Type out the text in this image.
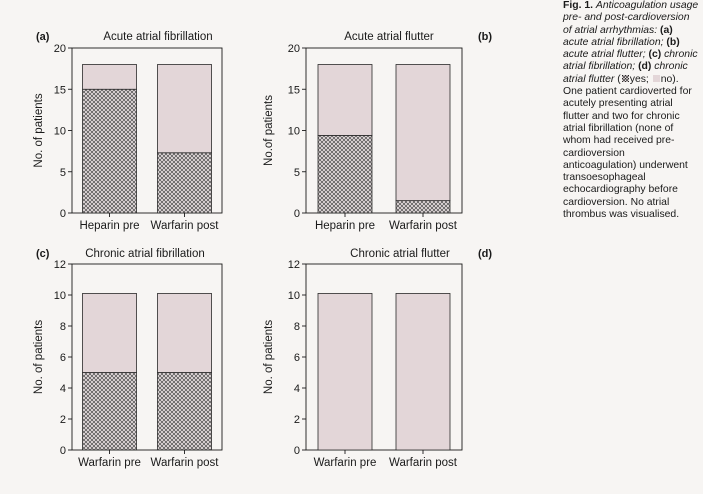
Acute atrial fibrillation
(a)
No. of patients
0
5
10
15
20
Heparin pre Warfarin post
Acute atrial flutter	(b)
No.of patients
0
5
10
15
20
Heparin pre Warfarin post
Chronic atrial fibrillation
(c)
No. of patients
0
2
4
6
8
10
12
Warfarin pre Warfarin post
Chronic atrial flutter	(d)
No. of patients
0
2
4
6
8
10
12
Warfarin pre Warfarin post
Fig. 1. Anticoagulation usage pre- and post-cardioversion of atrial arrhythmias: (a) acute atrial fibrillation; (b) acute atrial flutter; (c) chronic atrial fibrillation; (d) chronic atrial flutter ( yes; no). One patient cardioverted for acutely presenting atrial flutter and two for chronic atrial fibrillation (none of whom had received pre-cardioversion anticoagulation) underwent transoesophageal echocardiography before cardioversion. No atrial thrombus was visualised.
